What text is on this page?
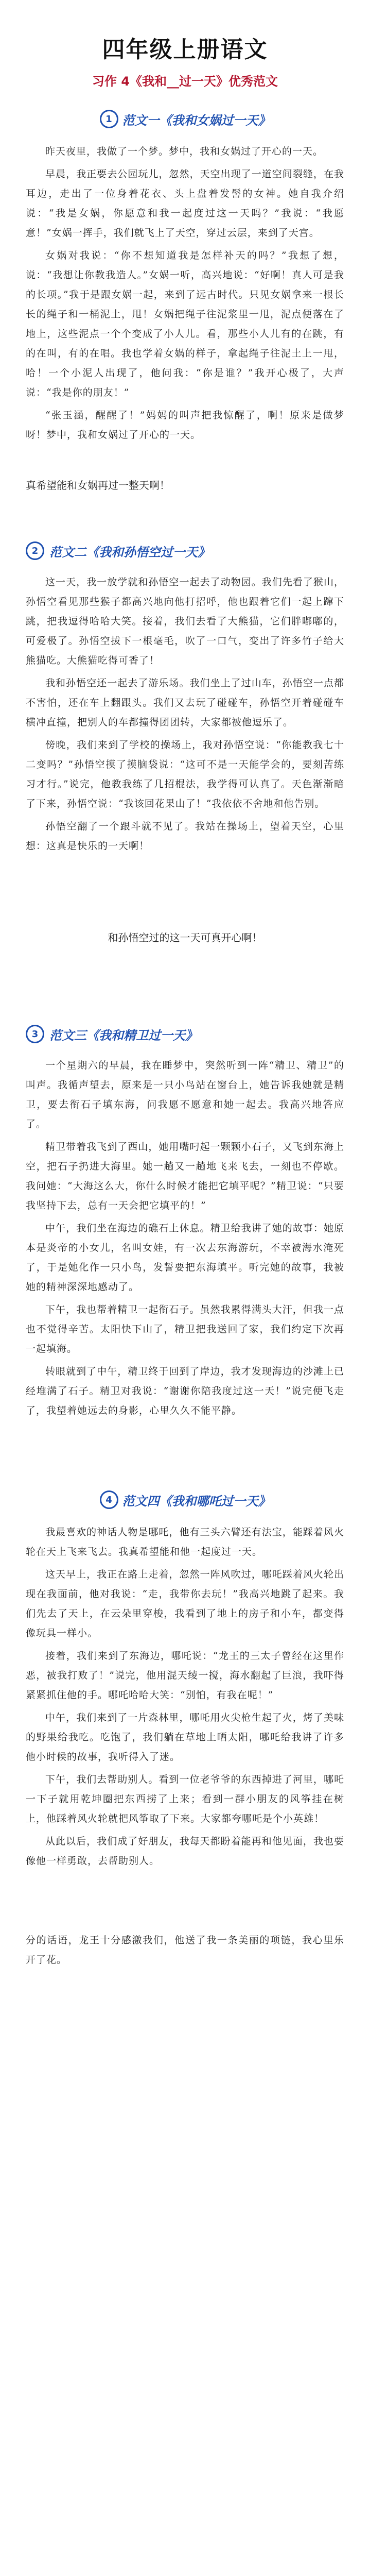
四年级上册语文
习作 4《我和__过一天》优秀范文
1 范文一《我和女娲过一天》

昨天夜里，我做了一个梦。梦中，我和女娲过了开心的一天。

早晨，我正要去公园玩儿，忽然，天空出现了一道空间裂缝，在我耳边，走出了一位身着花衣、头上盘着发髻的女神。她自我介绍说：“我是女娲，你愿意和我一起度过这一天吗？”我说：“我愿意！”女娲一挥手，我们就飞上了天空，穿过云层，来到了天宫。

女娲对我说：“你不想知道我是怎样补天的吗？”我想了想，说：“我想让你教我造人。”女娲一听，高兴地说：“好啊！真人可是我的长项。”我于是跟女娲一起，来到了远古时代。只见女娲拿来一根长长的绳子和一桶泥土，甩！女娲把绳子往泥浆里一甩，泥点便落在了地上，这些泥点一个个变成了小人儿。看，那些小人儿有的在跳，有的在叫，有的在唱。我也学着女娲的样子，拿起绳子往泥土上一甩，哈！一个小泥人出现了，他问我：“你是谁？”我开心极了，大声说：“我是你的朋友！”

“张玉涵，醒醒了！”妈妈的叫声把我惊醒了，啊！原来是做梦呀！梦中，我和女娲过了开心的一天。

真希望能和女娲再过一整天啊！
2 范文二《我和孙悟空过一天》

这一天，我一放学就和孙悟空一起去了动物园。我们先看了猴山，孙悟空看见那些猴子都高兴地向他打招呼，他也跟着它们一起上蹿下跳，把我逗得哈哈大笑。接着，我们去看了大熊猫，它们胖嘟嘟的，可爱极了。孙悟空拔下一根毫毛，吹了一口气，变出了许多竹子给大熊猫吃。大熊猫吃得可香了！

我和孙悟空还一起去了游乐场。我们坐上了过山车，孙悟空一点都不害怕，还在车上翻跟头。我们又去玩了碰碰车，孙悟空开着碰碰车横冲直撞，把别人的车都撞得团团转，大家都被他逗乐了。

傍晚，我们来到了学校的操场上，我对孙悟空说：“你能教我七十二变吗？”孙悟空摸了摸脑袋说：“这可不是一天能学会的，要刻苦练习才行。”说完，他教我练了几招棍法，我学得可认真了。天色渐渐暗了下来，孙悟空说：“我该回花果山了！”我依依不舍地和他告别。

孙悟空翻了一个跟斗就不见了。我站在操场上，望着天空，心里想：这真是快乐的一天啊！

和孙悟空过的这一天可真开心啊！
3 范文三《我和精卫过一天》

一个星期六的早晨，我在睡梦中，突然听到一阵“精卫、精卫”的叫声。我循声望去，原来是一只小鸟站在窗台上，她告诉我她就是精卫，要去衔石子填东海，问我愿不愿意和她一起去。我高兴地答应了。

精卫带着我飞到了西山，她用嘴叼起一颗颗小石子，又飞到东海上空，把石子扔进大海里。她一趟又一趟地飞来飞去，一刻也不停歇。我问她：“大海这么大，你什么时候才能把它填平呢？”精卫说：“只要我坚持下去，总有一天会把它填平的！”

中午，我们坐在海边的礁石上休息。精卫给我讲了她的故事：她原本是炎帝的小女儿，名叫女娃，有一次去东海游玩，不幸被海水淹死了，于是她化作一只小鸟，发誓要把东海填平。听完她的故事，我被她的精神深深地感动了。

下午，我也帮着精卫一起衔石子。虽然我累得满头大汗，但我一点也不觉得辛苦。太阳快下山了，精卫把我送回了家，我们约定下次再一起填海。

转眼就到了中午，精卫终于回到了岸边，我才发现海边的沙滩上已经堆满了石子。精卫对我说：“谢谢你陪我度过这一天！”说完便飞走了，我望着她远去的身影，心里久久不能平静。

4 范文四《我和哪吒过一天》

我最喜欢的神话人物是哪吒，他有三头六臂还有法宝，能踩着风火轮在天上飞来飞去。我真希望能和他一起度过一天。

这天早上，我正在路上走着，忽然一阵风吹过，哪吒踩着风火轮出现在我面前，他对我说：“走，我带你去玩！”我高兴地跳了起来。我们先去了天上，在云朵里穿梭，我看到了地上的房子和小车，都变得像玩具一样小。

接着，我们来到了东海边，哪吒说：“龙王的三太子曾经在这里作恶，被我打败了！”说完，他用混天绫一搅，海水翻起了巨浪，我吓得紧紧抓住他的手。哪吒哈哈大笑：“别怕，有我在呢！”

中午，我们来到了一片森林里，哪吒用火尖枪生起了火，烤了美味的野果给我吃。吃饱了，我们躺在草地上晒太阳，哪吒给我讲了许多他小时候的故事，我听得入了迷。

下午，我们去帮助别人。看到一位老爷爷的东西掉进了河里，哪吒一下子就用乾坤圈把东西捞了上来；看到一群小朋友的风筝挂在树上，他踩着风火轮就把风筝取了下来。大家都夸哪吒是个小英雄！

从此以后，我们成了好朋友，我每天都盼着能再和他见面，我也要像他一样勇敢，去帮助别人。

分的话语，龙王十分感激我们，他送了我一条美丽的项链，我心里乐开了花。
